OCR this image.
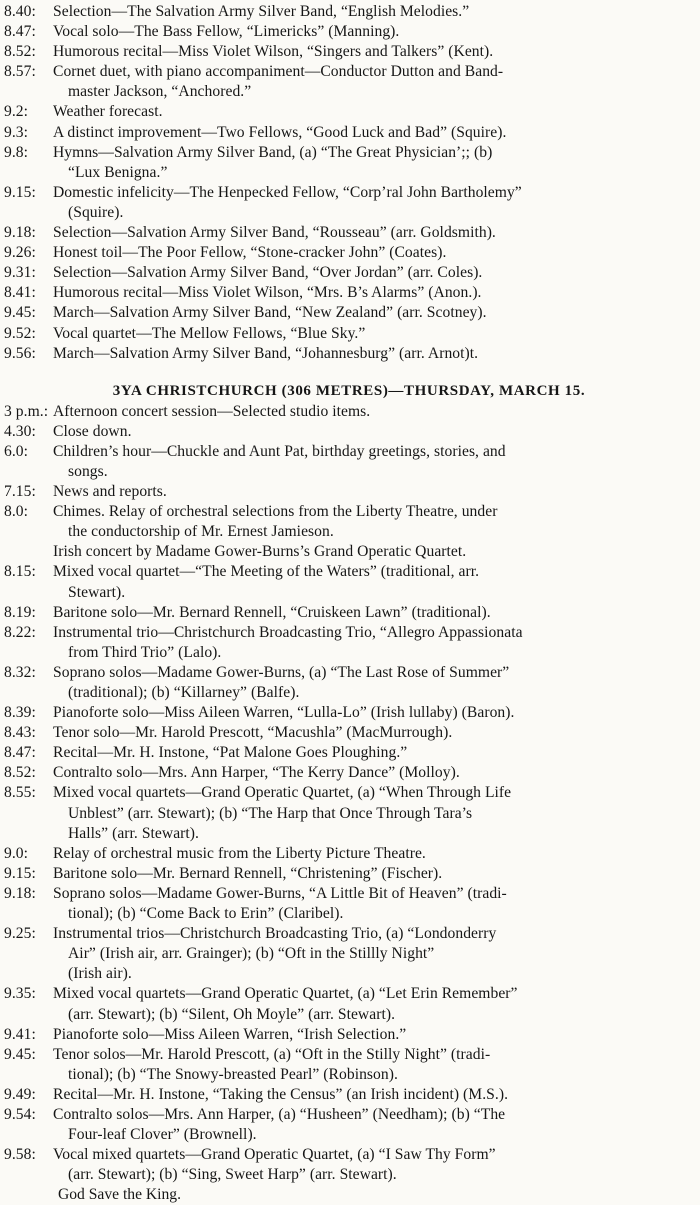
8.40:	Selection—The Salvation Army Silver Band, “English Melodies.”
8.47:	Vocal solo—The Bass Fellow, “Limericks” (Manning).
8.52:	Humorous recital—Miss Violet Wilson, “Singers and Talkers” (Kent).
8.57:	Cornet duet, with piano accompaniment—Conductor Dutton and Band-
master Jackson, “Anchored.”
9.2:	Weather forecast.
9.3:	A distinct improvement—Two Fellows, “Good Luck and Bad” (Squire).
9.8:	Hymns—Salvation Army Silver Band, (a) “The Great Physician’;; (b)
“Lux Benigna.”
9.15:	Domestic infelicity—The Henpecked Fellow, “Corp’ral John Bartholemy”
(Squire).
9.18:	Selection—Salvation Army Silver Band, “Rousseau” (arr. Goldsmith).
9.26:	Honest toil—The Poor Fellow, “Stone-cracker John” (Coates).
9.31:	Selection—Salvation Army Silver Band, “Over Jordan” (arr. Coles).
8.41:	Humorous recital—Miss Violet Wilson, “Mrs. B’s Alarms” (Anon.).
9.45:	March—Salvation Army Silver Band, “New Zealand” (arr. Scotney).
9.52:	Vocal quartet—The Mellow Fellows, “Blue Sky.”
9.56:	March—Salvation Army Silver Band, “Johannesburg” (arr. Arnot)t.
3YA CHRISTCHURCH (306 METRES)—THURSDAY, MARCH 15.
3 p.m.: Afternoon concert session—Selected studio items.
4.30:	Close down.
6.0:	Children’s hour—Chuckle and Aunt Pat, birthday greetings, stories, and
songs.
7.15:	News and reports.
8.0:	Chimes. Relay of orchestral selections from the Liberty Theatre, under
the conductorship of Mr. Ernest Jamieson.
Irish concert by Madame Gower-Burns’s Grand Operatic Quartet.
8.15:	Mixed vocal quartet—“The Meeting of the Waters” (traditional, arr.
Stewart).
8.19:	Baritone solo—Mr. Bernard Rennell, “Cruiskeen Lawn” (traditional).
8.22:	Instrumental trio—Christchurch Broadcasting Trio, “Allegro Appassionata
from Third Trio” (Lalo).
8.32:	Soprano solos—Madame Gower-Burns, (a) “The Last Rose of Summer”
(traditional); (b) “Killarney” (Balfe).
8.39:	Pianoforte solo—Miss Aileen Warren, “Lulla-Lo” (Irish lullaby) (Baron).
8.43:	Tenor solo—Mr. Harold Prescott, “Macushla” (MacMurrough).
8.47:	Recital—Mr. H. Instone, “Pat Malone Goes Ploughing.”
8.52:	Contralto solo—Mrs. Ann Harper, “The Kerry Dance” (Molloy).
8.55:	Mixed vocal quartets—Grand Operatic Quartet, (a) “When Through Life
Unblest” (arr. Stewart); (b) “The Harp that Once Through Tara’s
Halls” (arr. Stewart).
9.0:	Relay of orchestral music from the Liberty Picture Theatre.
9.15:	Baritone solo—Mr. Bernard Rennell, “Christening” (Fischer).
9.18:	Soprano solos—Madame Gower-Burns, “A Little Bit of Heaven” (tradi-
tional); (b) “Come Back to Erin” (Claribel).
9.25:	Instrumental trios—Christchurch Broadcasting Trio, (a) “Londonderry
Air” (Irish air, arr. Grainger); (b) “Oft in the Stillly Night”
(Irish air).
9.35:	Mixed vocal quartets—Grand Operatic Quartet, (a) “Let Erin Remember”
(arr. Stewart); (b) “Silent, Oh Moyle” (arr. Stewart).
9.41:	Pianoforte solo—Miss Aileen Warren, “Irish Selection.”
9.45:	Tenor solos—Mr. Harold Prescott, (a) “Oft in the Stilly Night” (tradi-
tional); (b) “The Snowy-breasted Pearl” (Robinson).
9.49:	Recital—Mr. H. Instone, “Taking the Census” (an Irish incident) (M.S.).
9.54:	Contralto solos—Mrs. Ann Harper, (a) “Husheen” (Needham); (b) “The
Four-leaf Clover” (Brownell).
9.58:	Vocal mixed quartets—Grand Operatic Quartet, (a) “I Saw Thy Form”
(arr. Stewart); (b) “Sing, Sweet Harp” (arr. Stewart).
God Save the King.
